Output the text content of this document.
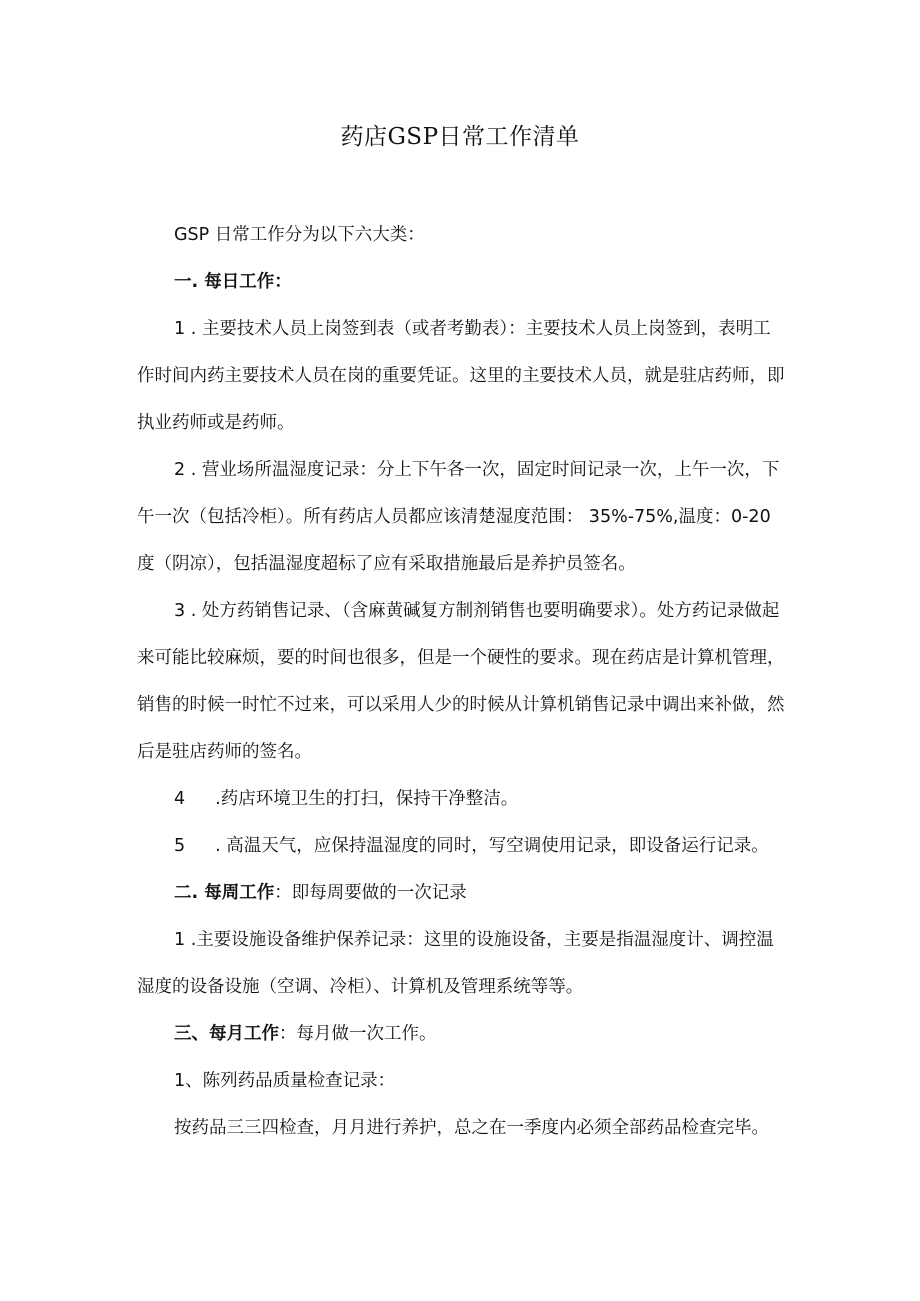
药店GSP日常工作清单

GSP 日常工作分为以下六大类：

一. 每日工作：

1 . 主要技术人员上岗签到表（或者考勤表）：主要技术人员上岗签到，表明工作时间内药主要技术人员在岗的重要凭证。这里的主要技术人员，就是驻店药师，即执业药师或是药师。

2 . 营业场所温湿度记录：分上下午各一次，固定时间记录一次，上午一次，下午一次（包括冷柜）。所有药店人员都应该清楚湿度范围： 35%-75%,温度：0-20 度（阴凉），包括温湿度超标了应有采取措施最后是养护员签名。

3 . 处方药销售记录、（含麻黄碱复方制剂销售也要明确要求）。处方药记录做起来可能比较麻烦，要的时间也很多，但是一个硬性的要求。现在药店是计算机管理，销售的时候一时忙不过来，可以采用人少的时候从计算机销售记录中调出来补做，然后是驻店药师的签名。

4 .药店环境卫生的打扫，保持干净整洁。

5 . 高温天气，应保持温湿度的同时，写空调使用记录，即设备运行记录。

二. 每周工作：即每周要做的一次记录

1 .主要设施设备维护保养记录：这里的设施设备，主要是指温湿度计、调控温湿度的设备设施（空调、冷柜）、计算机及管理系统等等。

三、每月工作：每月做一次工作。

1、陈列药品质量检查记录：

按药品三三四检查，月月进行养护，总之在一季度内必须全部药品检查完毕。
